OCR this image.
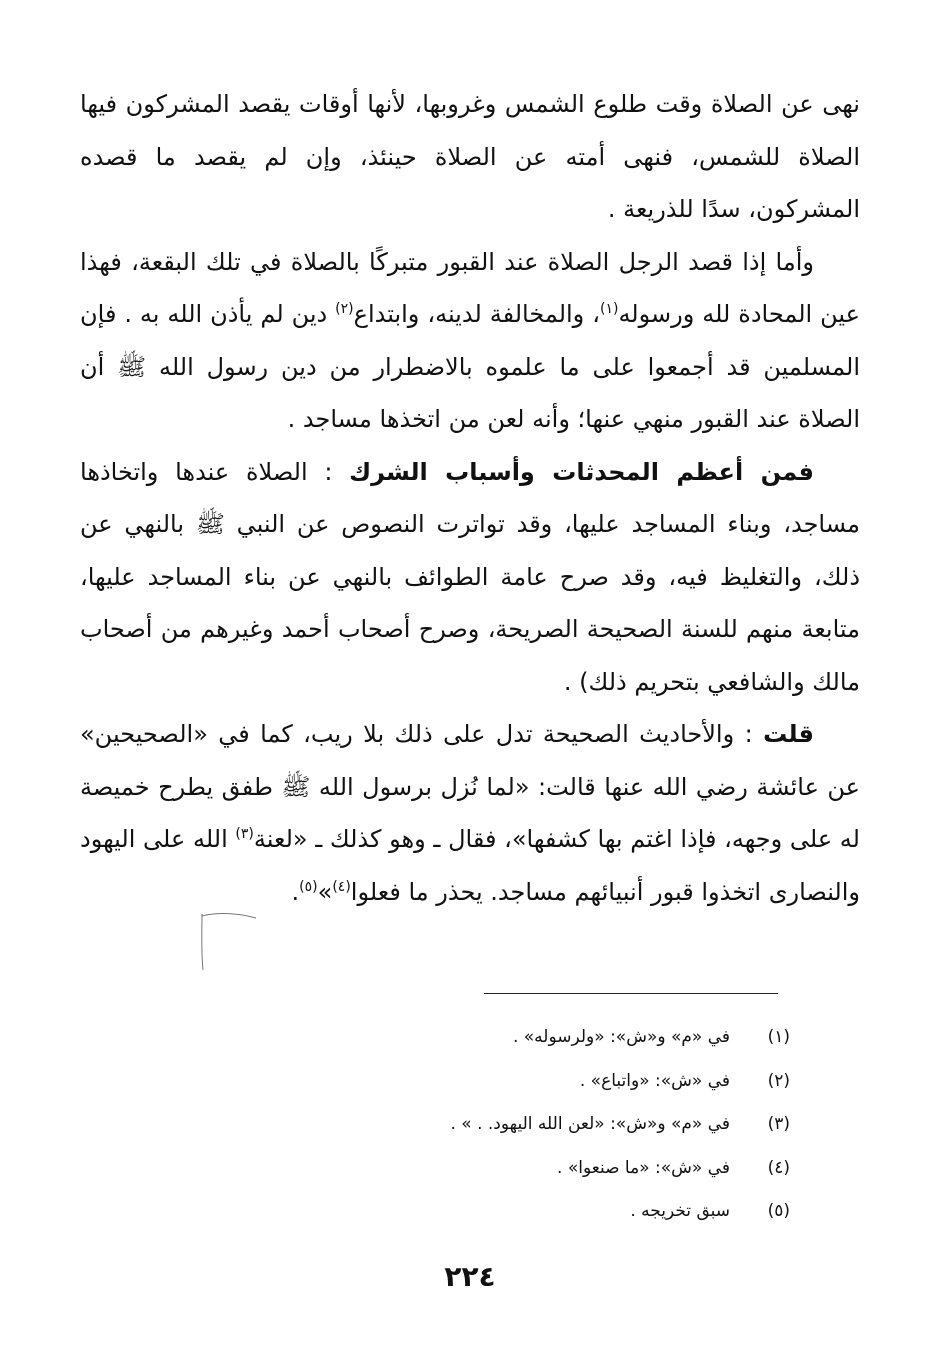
نهى عن الصلاة وقت طلوع الشمس وغروبها، لأنها أوقات يقصد المشركون فيها الصلاة للشمس، فنهى أمته عن الصلاة حينئذ، وإن لم يقصد ما قصده المشركون، سدًا للذريعة .

وأما إذا قصد الرجل الصلاة عند القبور متبركًا بالصلاة في تلك البقعة، فهذا عين المحادة لله ورسوله$^{(١)}$، والمخالفة لدينه، وابتداع$^{(٢)}$ دين لم يأذن الله به . فإن المسلمين قد أجمعوا على ما علموه بالاضطرار من دين رسول الله ﷺ أن الصلاة عند القبور منهي عنها؛ وأنه لعن من اتخذها مساجد .

فمن أعظم المحدثات وأسباب الشرك : الصلاة عندها واتخاذها مساجد، وبناء المساجد عليها، وقد تواترت النصوص عن النبي ﷺ بالنهي عن ذلك، والتغليظ فيه، وقد صرح عامة الطوائف بالنهي عن بناء المساجد عليها، متابعة منهم للسنة الصحيحة الصريحة، وصرح أصحاب أحمد وغيرهم من أصحاب مالك والشافعي بتحريم ذلك) .

قلت : والأحاديث الصحيحة تدل على ذلك بلا ريب، كما في «الصحيحين» عن عائشة رضي الله عنها قالت: «لما نُزل برسول الله ﷺ طفق يطرح خميصة له على وجهه، فإذا اغتم بها كشفها»، فقال ـ وهو كذلك ـ «لعنة$^{(٣)}$ الله على اليهود والنصارى اتخذوا قبور أنبيائهم مساجد. يحذر ما فعلوا$^{(٤)}$»$^{(٥)}$.

(١)
في «م» و«ش»: «ولرسوله» .
(٢)
في «ش»: «واتباع» .
(٣)
في «م» و«ش»: «لعن الله اليهود. . » .
(٤)
في «ش»: «ما صنعوا» .
(٥)
سبق تخريجه .
٢٢٤
